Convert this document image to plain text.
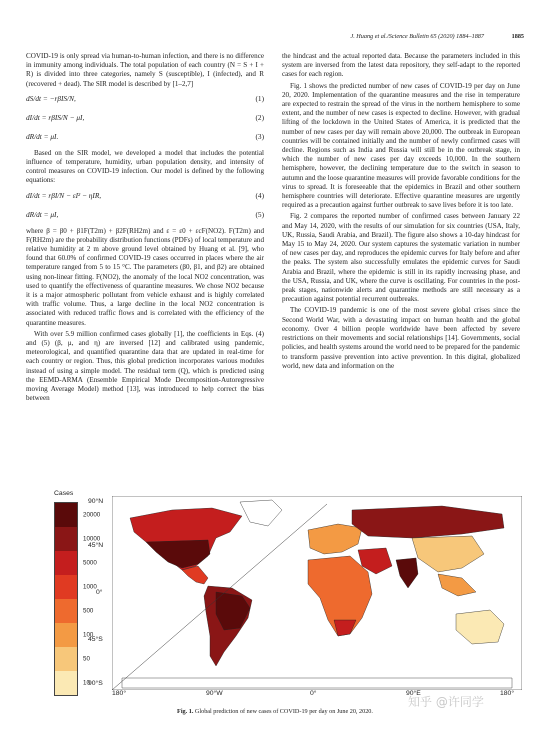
J. Huang et al./Science Bulletin 65 (2020) 1884–1887	1885

COVID-19 is only spread via human-to-human infection, and there is no difference in immunity among individuals. The total population of each country (N = S + I + R) is divided into three categories, namely S (susceptible), I (infected), and R (recovered + dead). The SIR model is described by [1–2,7]

dS/dt = −rβIS/N,	(1)
dI/dt = rβIS/N − μI,	(2)
dR/dt = μI.	(3)

Based on the SIR model, we developed a model that includes the potential influence of temperature, humidity, urban population density, and intensity of control measures on COVID-19 infection. Our model is defined by the following equations:

dI/dt = rβI/N − εI² − ηIR,	(4)
dR/dt = μI,	(5)

where β = β0 + β1F(T2m) + β2F(RH2m) and ε = ε0 + εcF(NO2). F(T2m) and F(RH2m) are the probability distribution functions (PDFs) of local temperature and relative humidity at 2 m above ground level obtained by Huang et al. [9], who found that 60.0% of confirmed COVID-19 cases occurred in places where the air temperature ranged from 5 to 15 °C. The parameters (β0, β1, and β2) are obtained using non-linear fitting. F(NO2), the anomaly of the local NO2 concentration, was used to quantify the effectiveness of quarantine measures. We chose NO2 because it is a major atmospheric pollutant from vehicle exhaust and is highly correlated with traffic volume. Thus, a large decline in the local NO2 concentration is associated with reduced traffic flows and is correlated with the efficiency of the quarantine measures.

With over 5.9 million confirmed cases globally [1], the coefficients in Eqs. (4) and (5) (β, μ, and η) are inversed [12] and calibrated using pandemic, meteorological, and quantified quarantine data that are updated in real-time for each country or region. Thus, this global prediction incorporates various modules instead of using a simple model. The residual term (Q), which is predicted using the EEMD-ARMA (Ensemble Empirical Mode Decomposition-Autoregressive moving Average Model) method [13], was introduced to help correct the bias between

the hindcast and the actual reported data. Because the parameters included in this system are inversed from the latest data repository, they self-adapt to the reported cases for each region.

Fig. 1 shows the predicted number of new cases of COVID-19 per day on June 20, 2020. Implementation of the quarantine measures and the rise in temperature are expected to restrain the spread of the virus in the northern hemisphere to some extent, and the number of new cases is expected to decline. However, with gradual lifting of the lockdown in the United States of America, it is predicted that the number of new cases per day will remain above 20,000. The outbreak in European countries will be contained initially and the number of newly confirmed cases will decline. Regions such as India and Russia will still be in the outbreak stage, in which the number of new cases per day exceeds 10,000. In the southern hemisphere, however, the declining temperature due to the switch in season to autumn and the loose quarantine measures will provide favorable conditions for the virus to spread. It is foreseeable that the epidemics in Brazil and other southern hemisphere countries will deteriorate. Effective quarantine measures are urgently required as a precaution against further outbreak to save lives before it is too late.

Fig. 2 compares the reported number of confirmed cases between January 22 and May 14, 2020, with the results of our simulation for six countries (USA, Italy, UK, Russia, Saudi Arabia, and Brazil). The figure also shows a 10-day hindcast for May 15 to May 24, 2020. Our system captures the systematic variation in number of new cases per day, and reproduces the epidemic curves for Italy before and after the peaks. The system also successfully emulates the epidemic curves for Saudi Arabia and Brazil, where the epidemic is still in its rapidly increasing phase, and the USA, Russia, and UK, where the curve is oscillating. For countries in the post-peak stages, nationwide alerts and quarantine methods are still necessary as a precaution against potential recurrent outbreaks.

The COVID-19 pandemic is one of the most severe global crises since the Second World War, with a devastating impact on human health and the global economy. Over 4 billion people worldwide have been affected by severe restrictions on their movements and social relationships [14]. Governments, social policies, and health systems around the world need to be prepared for the pandemic to transform passive prevention into active prevention. In this digital, globalized world, new data and information on the

Cases
20000
10000
5000
1000
500
100
50
10
90°N
45°N
0°
45°S
90°S
180°	90°W	0°	90°E	180°
Fig. 1. Global prediction of new cases of COVID-19 per day on June 20, 2020.
知乎 @许同学
